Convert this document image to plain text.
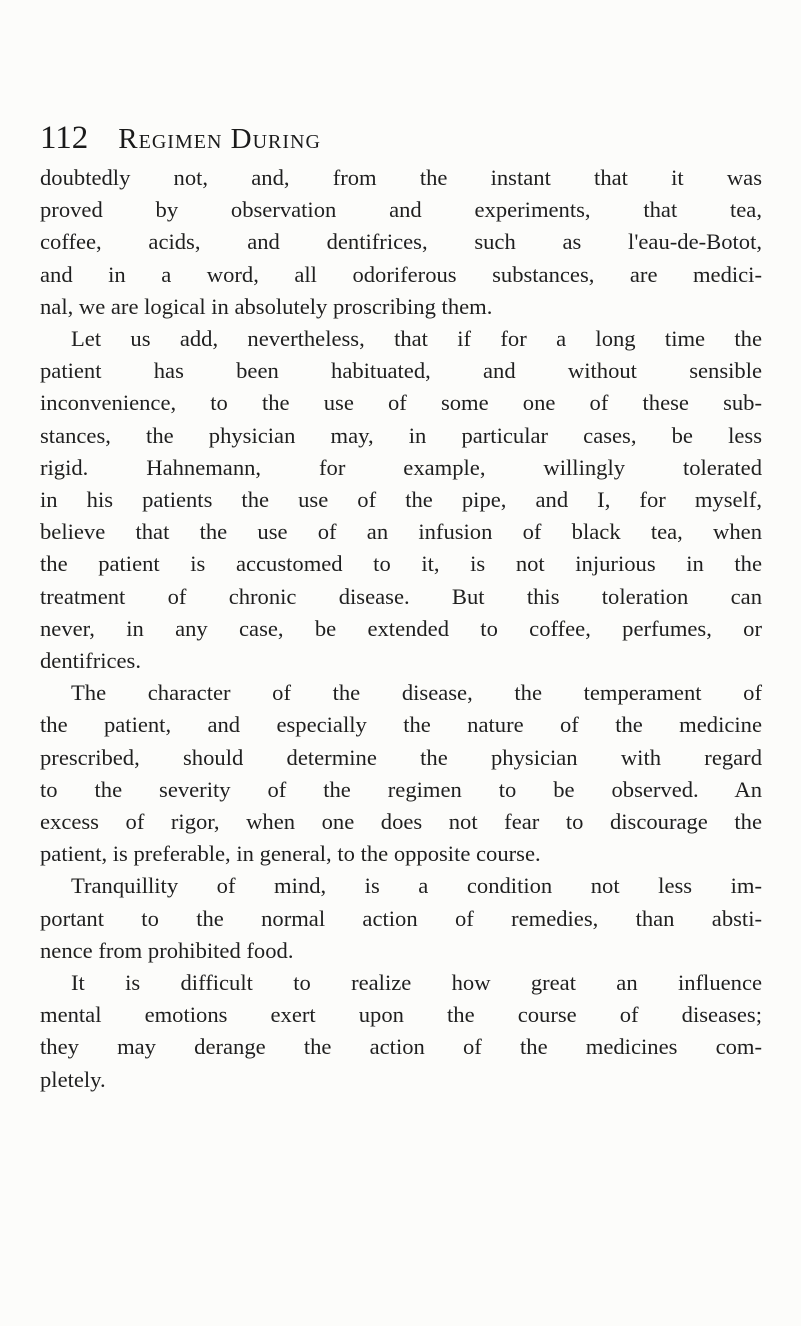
112 Regimen During
doubtedly not, and, from the instant that it was
proved by observation and experiments, that tea,
coffee, acids, and dentifrices, such as l'eau-de-Botot,
and in a word, all odoriferous substances, are medici-
nal, we are logical in absolutely proscribing them.
Let us add, nevertheless, that if for a long time the
patient has been habituated, and without sensible
inconvenience, to the use of some one of these sub-
stances, the physician may, in particular cases, be less
rigid. Hahnemann, for example, willingly tolerated
in his patients the use of the pipe, and I, for myself,
believe that the use of an infusion of black tea, when
the patient is accustomed to it, is not injurious in the
treatment of chronic disease. But this toleration can
never, in any case, be extended to coffee, perfumes, or
dentifrices.
The character of the disease, the temperament of
the patient, and especially the nature of the medicine
prescribed, should determine the physician with regard
to the severity of the regimen to be observed. An
excess of rigor, when one does not fear to discourage the
patient, is preferable, in general, to the opposite course.
Tranquillity of mind, is a condition not less im-
portant to the normal action of remedies, than absti-
nence from prohibited food.
It is difficult to realize how great an influence
mental emotions exert upon the course of diseases;
they may derange the action of the medicines com-
pletely.
